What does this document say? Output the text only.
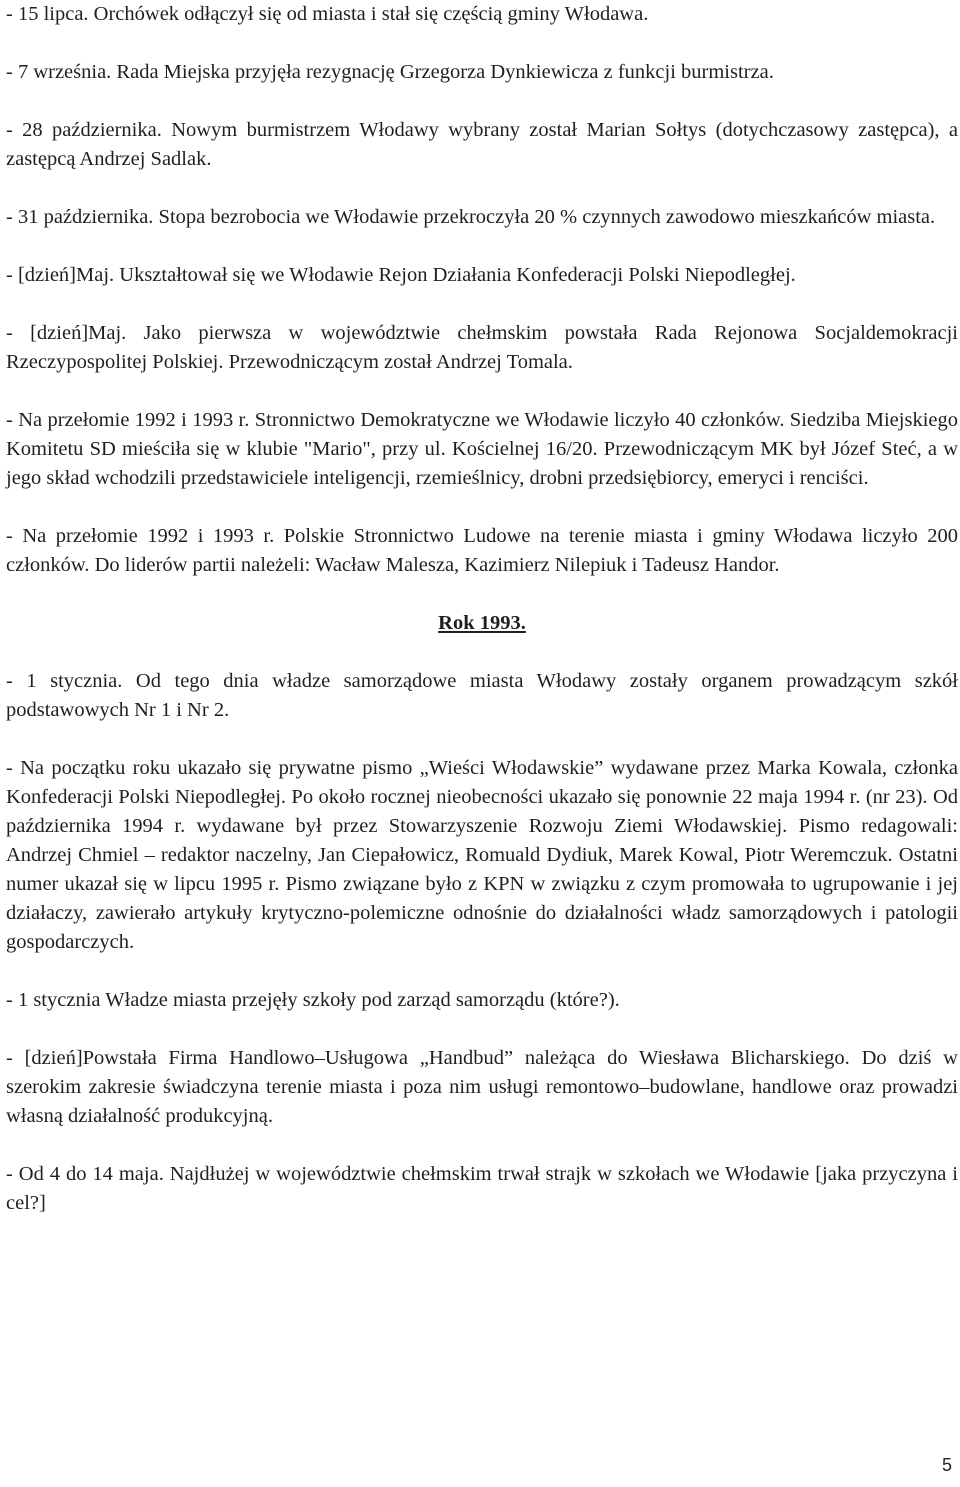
- 15 lipca. Orchówek odłączył się od miasta i stał się częścią gminy Włodawa.

- 7 września. Rada Miejska przyjęła rezygnację Grzegorza Dynkiewicza z funkcji burmistrza.

- 28 października. Nowym burmistrzem Włodawy wybrany został Marian Sołtys (dotychczasowy zastępca), a zastępcą Andrzej Sadlak.

- 31 października. Stopa bezrobocia we Włodawie przekroczyła 20 % czynnych zawodowo mieszkańców miasta.

- [dzień]Maj. Ukształtował się we Włodawie Rejon Działania Konfederacji Polski Niepodległej.

- [dzień]Maj. Jako pierwsza w województwie chełmskim powstała Rada Rejonowa Socjaldemokracji Rzeczypospolitej Polskiej. Przewodniczącym został Andrzej Tomala.

- Na przełomie 1992 i 1993 r. Stronnictwo Demokratyczne we Włodawie liczyło 40 członków. Siedziba Miejskiego Komitetu SD mieściła się w klubie "Mario", przy ul. Kościelnej 16/20. Przewodniczącym MK był Józef Steć, a w jego skład wchodzili przedstawiciele inteligencji, rzemieślnicy, drobni przedsiębiorcy, emeryci i renciści.

- Na przełomie 1992 i 1993 r. Polskie Stronnictwo Ludowe na terenie miasta i gminy Włodawa liczyło 200 członków. Do liderów partii należeli: Wacław Malesza, Kazimierz Nilepiuk i Tadeusz Handor.

Rok 1993.

- 1 stycznia. Od tego dnia władze samorządowe miasta Włodawy zostały organem prowadzącym szkół podstawowych Nr 1 i Nr 2.

- Na początku roku ukazało się prywatne pismo „Wieści Włodawskie” wydawane przez Marka Kowala, członka Konfederacji Polski Niepodległej. Po około rocznej nieobecności ukazało się ponownie 22 maja 1994 r. (nr 23). Od października 1994 r. wydawane był przez Stowarzyszenie Rozwoju Ziemi Włodawskiej. Pismo redagowali: Andrzej Chmiel – redaktor naczelny, Jan Ciepałowicz, Romuald Dydiuk, Marek Kowal, Piotr Weremczuk. Ostatni numer ukazał się w lipcu 1995 r. Pismo związane było z KPN w związku z czym promowała to ugrupowanie i jej działaczy, zawierało artykuły krytyczno-polemiczne odnośnie do działalności władz samorządowych i patologii gospodarczych.

- 1 stycznia Władze miasta przejęły szkoły pod zarząd samorządu (które?).

- [dzień]Powstała Firma Handlowo–Usługowa „Handbud” należąca do Wiesława Blicharskiego. Do dziś w szerokim zakresie świadczyna terenie miasta i poza nim usługi remontowo–budowlane, handlowe oraz prowadzi własną działalność produkcyjną.

- Od 4 do 14 maja. Najdłużej w województwie chełmskim trwał strajk w szkołach we Włodawie [jaka przyczyna i cel?]

5
